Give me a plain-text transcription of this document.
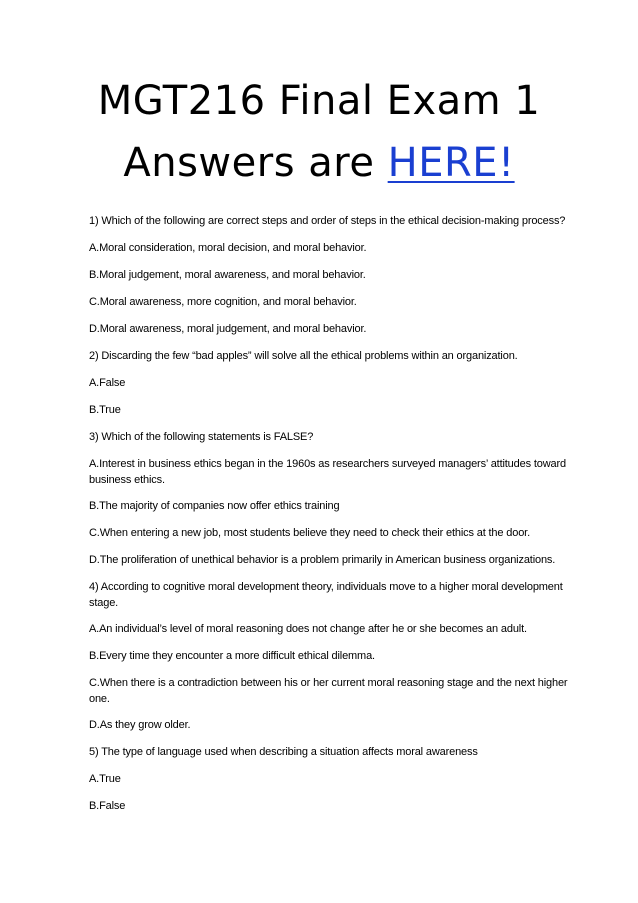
MGT216 Final Exam 1
Answers are HERE!

1) Which of the following are correct steps and order of steps in the ethical decision-making process?

A.Moral consideration, moral decision, and moral behavior.

B.Moral judgement, moral awareness, and moral behavior.

C.Moral awareness, more cognition, and moral behavior.

D.Moral awareness, moral judgement, and moral behavior.

2) Discarding the few “bad apples” will solve all the ethical problems within an organization.

A.False

B.True

3) Which of the following statements is FALSE?

A.Interest in business ethics began in the 1960s as researchers surveyed managers’ attitudes toward business ethics.

B.The majority of companies now offer ethics training

C.When entering a new job, most students believe they need to check their ethics at the door.

D.The proliferation of unethical behavior is a problem primarily in American business organizations.

4) According to cognitive moral development theory, individuals move to a higher moral development stage.

A.An individual’s level of moral reasoning does not change after he or she becomes an adult.

B.Every time they encounter a more difficult ethical dilemma.

C.When there is a contradiction between his or her current moral reasoning stage and the next higher one.

D.As they grow older.

5) The type of language used when describing a situation affects moral awareness

A.True

B.False
